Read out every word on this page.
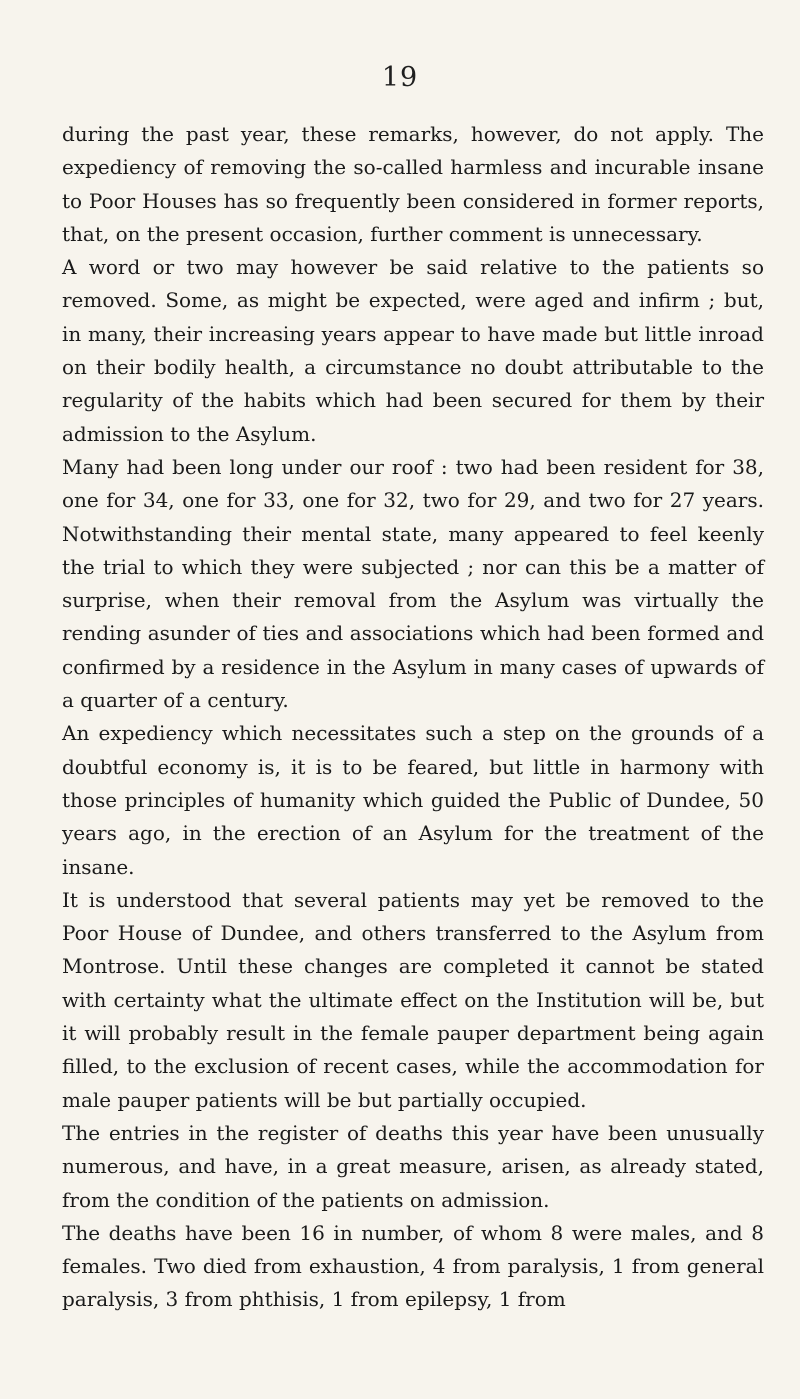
19

during the past year, these remarks, however, do not apply. The expediency of removing the so-called harmless and incurable insane to Poor Houses has so frequently been considered in former reports, that, on the present occasion, further comment is unnecessary.

A word or two may however be said relative to the patients so removed. Some, as might be expected, were aged and infirm ; but, in many, their increasing years appear to have made but little inroad on their bodily health, a circumstance no doubt attributable to the regularity of the habits which had been secured for them by their admission to the Asylum.

Many had been long under our roof : two had been resident for 38, one for 34, one for 33, one for 32, two for 29, and two for 27 years. Notwithstanding their mental state, many appeared to feel keenly the trial to which they were subjected ; nor can this be a matter of surprise, when their removal from the Asylum was virtually the rending asunder of ties and associations which had been formed and confirmed by a residence in the Asylum in many cases of upwards of a quarter of a century.

An expediency which necessitates such a step on the grounds of a doubtful economy is, it is to be feared, but little in harmony with those principles of humanity which guided the Public of Dundee, 50 years ago, in the erection of an Asylum for the treatment of the insane.

It is understood that several patients may yet be removed to the Poor House of Dundee, and others transferred to the Asylum from Montrose. Until these changes are completed it cannot be stated with certainty what the ultimate effect on the Institution will be, but it will probably result in the female pauper department being again filled, to the exclusion of recent cases, while the accommodation for male pauper patients will be but partially occupied.

The entries in the register of deaths this year have been unusually numerous, and have, in a great measure, arisen, as already stated, from the condition of the patients on admission.

The deaths have been 16 in number, of whom 8 were males, and 8 females. Two died from exhaustion, 4 from paralysis, 1 from general paralysis, 3 from phthisis, 1 from epilepsy, 1 from
